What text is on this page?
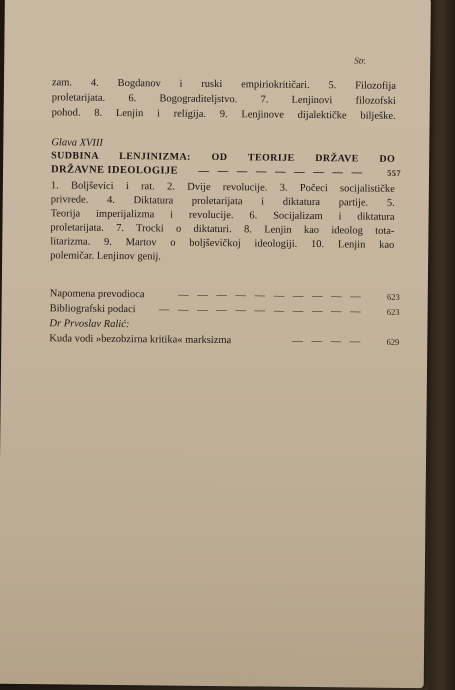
Str.
zam. 4. Bogdanov i ruski empiriokritičari. 5. Filozofija
proletarijata. 6. Bogograditeljstvo. 7. Lenjinovi filozofski
pohod. 8. Lenjin i religija. 9. Lenjinove dijalektičke bilješke.
Glava XVIII
SUDBINA LENJINIZMA: OD TEORIJE DRŽAVE DO
DRŽAVNE IDEOLOGIJE — — — — — — — — —	557
1. Boljševici i rat. 2. Dvije revolucije. 3. Počeci socijalističke
privrede. 4. Diktatura proletarijata i diktatura partije. 5.
Teorija imperijalizma i revolucije. 6. Socijalizam i diktatura
proletarijata. 7. Trocki o diktaturi. 8. Lenjin kao ideolog tota-
litarizma. 9. Martov o boljševičkoj ideologiji. 10. Lenjin kao
polemičar. Lenjinov genij.
Napomena prevodioca	— — — — — — — — — —	623
Bibliografski podaci — — — — — — — — — — —	623
Dr Prvoslav Ralić:
Kuda vodi »bezobzirna kritika« marksizma	— — — —	629
